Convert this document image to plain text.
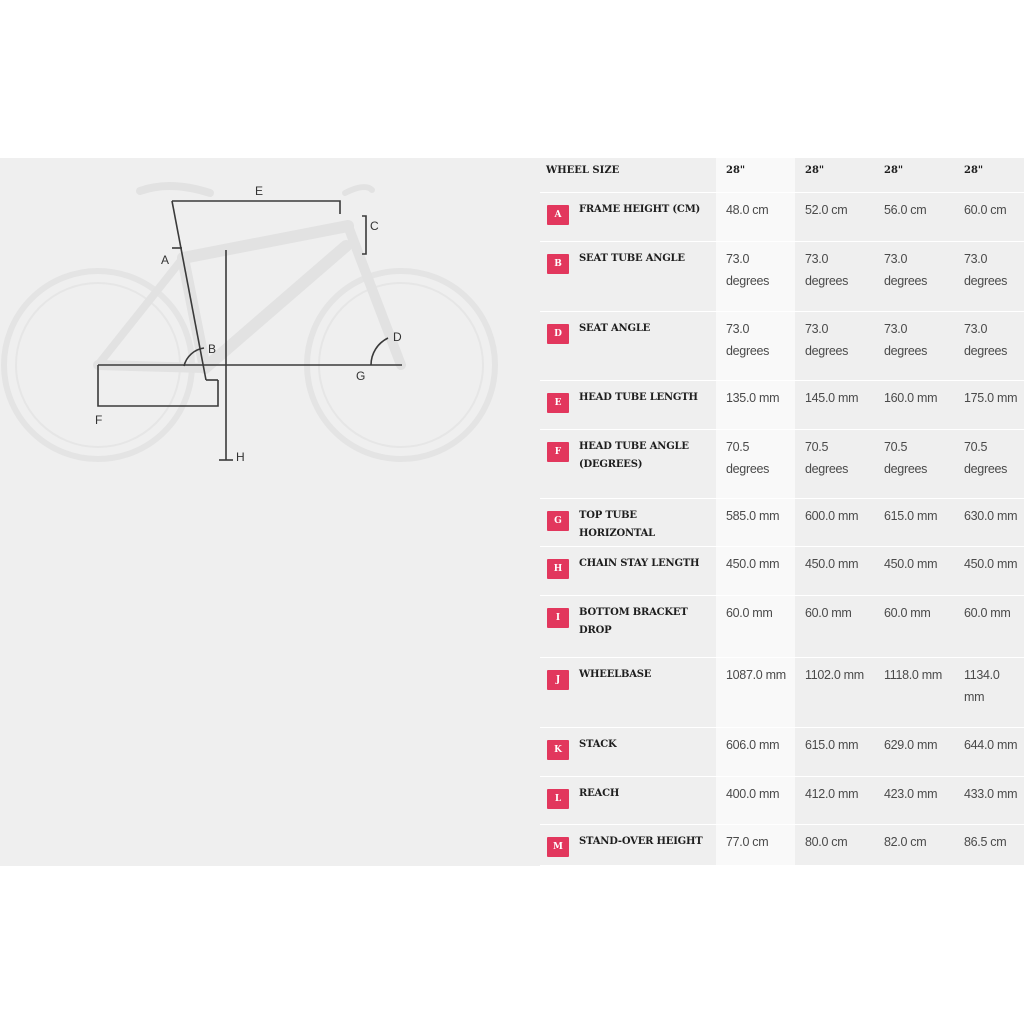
E
A
C
B
D
G
F
H
WHEEL SIZE	28"	28"	28"	28"

A FRAME HEIGHT (CM)	48.0 cm	52.0 cm	56.0 cm	60.0 cm

B SEAT TUBE ANGLE	73.0 degrees	73.0 degrees	73.0 degrees	73.0 degrees

D SEAT ANGLE	73.0 degrees	73.0 degrees	73.0 degrees	73.0 degrees

E HEAD TUBE LENGTH	135.0 mm	145.0 mm	160.0 mm	175.0 mm

F HEAD TUBE ANGLE (DEGREES)	70.5 degrees	70.5 degrees	70.5 degrees	70.5 degrees

G TOP TUBE HORIZONTAL	585.0 mm	600.0 mm	615.0 mm	630.0 mm

H CHAIN STAY LENGTH	450.0 mm	450.0 mm	450.0 mm	450.0 mm

I BOTTOM BRACKET DROP	60.0 mm	60.0 mm	60.0 mm	60.0 mm

J WHEELBASE	1087.0 mm	1102.0 mm	1118.0 mm	1134.0 mm

K STACK	606.0 mm	615.0 mm	629.0 mm	644.0 mm

L REACH	400.0 mm	412.0 mm	423.0 mm	433.0 mm

M STAND-OVER HEIGHT	77.0 cm	80.0 cm	82.0 cm	86.5 cm
